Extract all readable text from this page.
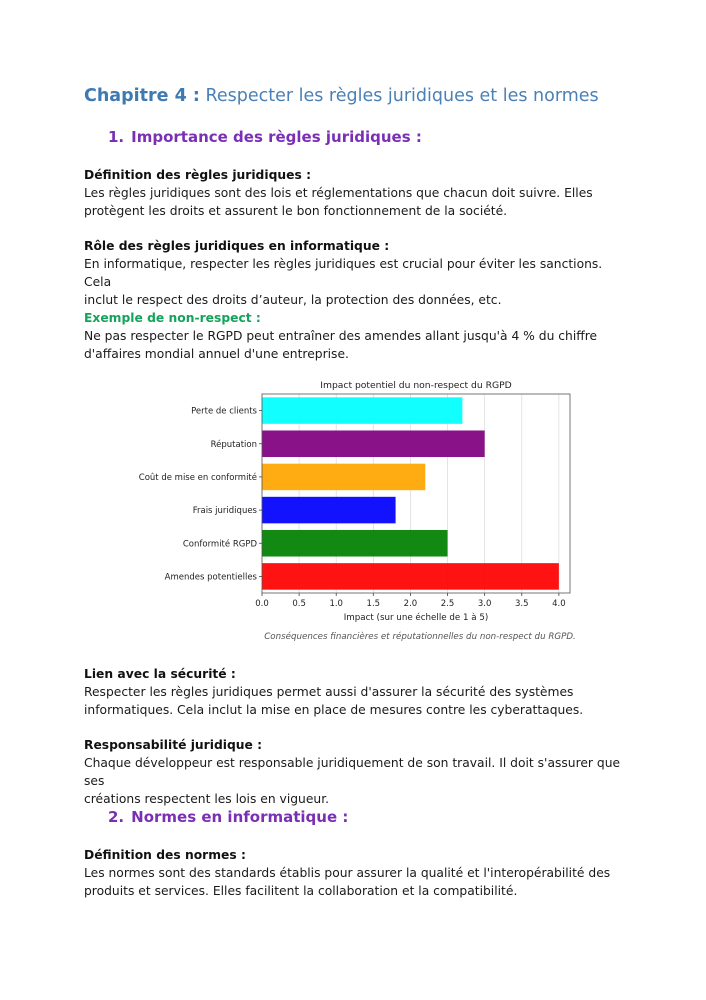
Chapitre 4 : Respecter les règles juridiques et les normes
1. Importance des règles juridiques :
Définition des règles juridiques :

Les règles juridiques sont des lois et réglementations que chacun doit suivre. Elles

protègent les droits et assurent le bon fonctionnement de la société.

Rôle des règles juridiques en informatique :

En informatique, respecter les règles juridiques est crucial pour éviter les sanctions. Cela

inclut le respect des droits d’auteur, la protection des données, etc.

Exemple de non-respect :

Ne pas respecter le RGPD peut entraîner des amendes allant jusqu'à 4 % du chiffre

d'affaires mondial annuel d'une entreprise.

Impact potentiel du non-respect du RGPD
Perte de clients
Réputation
Coût de mise en conformité
Frais juridiques
Conformité RGPD
Amendes potentielles
0.0	0.5	1.0	1.5	2.0	2.5	3.0	3.5	4.0
Impact (sur une échelle de 1 à 5)
Conséquences financières et réputationnelles du non-respect du RGPD.
Lien avec la sécurité :

Respecter les règles juridiques permet aussi d'assurer la sécurité des systèmes

informatiques. Cela inclut la mise en place de mesures contre les cyberattaques.

Responsabilité juridique :

Chaque développeur est responsable juridiquement de son travail. Il doit s'assurer que ses

créations respectent les lois en vigueur.

2. Normes en informatique :
Définition des normes :

Les normes sont des standards établis pour assurer la qualité et l'interopérabilité des

produits et services. Elles facilitent la collaboration et la compatibilité.
